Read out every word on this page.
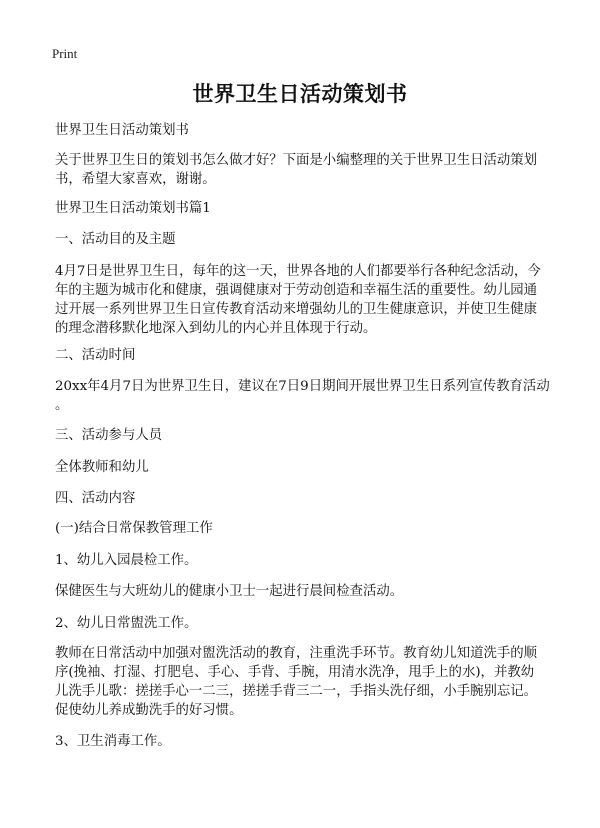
Print
世界卫生日活动策划书

世界卫生日活动策划书

关于世界卫生日的策划书怎么做才好？下面是小编整理的关于世界卫生日活动策划
书，希望大家喜欢，谢谢。

世界卫生日活动策划书篇1

一、活动目的及主题

4月7日是世界卫生日，每年的这一天，世界各地的人们都要举行各种纪念活动，今
年的主题为城市化和健康，强调健康对于劳动创造和幸福生活的重要性。幼儿园通
过开展一系列世界卫生日宣传教育活动来增强幼儿的卫生健康意识，并使卫生健康
的理念潜移默化地深入到幼儿的内心并且体现于行动。

二、活动时间

20xx年4月7日为世界卫生日，建议在7日9日期间开展世界卫生日系列宣传教育活动
。

三、活动参与人员

全体教师和幼儿

四、活动内容

(一)结合日常保教管理工作

1、幼儿入园晨检工作。

保健医生与大班幼儿的健康小卫士一起进行晨间检查活动。

2、幼儿日常盥洗工作。

教师在日常活动中加强对盥洗活动的教育，注重洗手环节。教育幼儿知道洗手的顺
序(挽袖、打湿、打肥皂、手心、手背、手腕，用清水洗净，甩手上的水)，并教幼
儿洗手儿歌：搓搓手心一二三，搓搓手背三二一，手指头洗仔细，小手腕别忘记。
促使幼儿养成勤洗手的好习惯。

3、卫生消毒工作。
